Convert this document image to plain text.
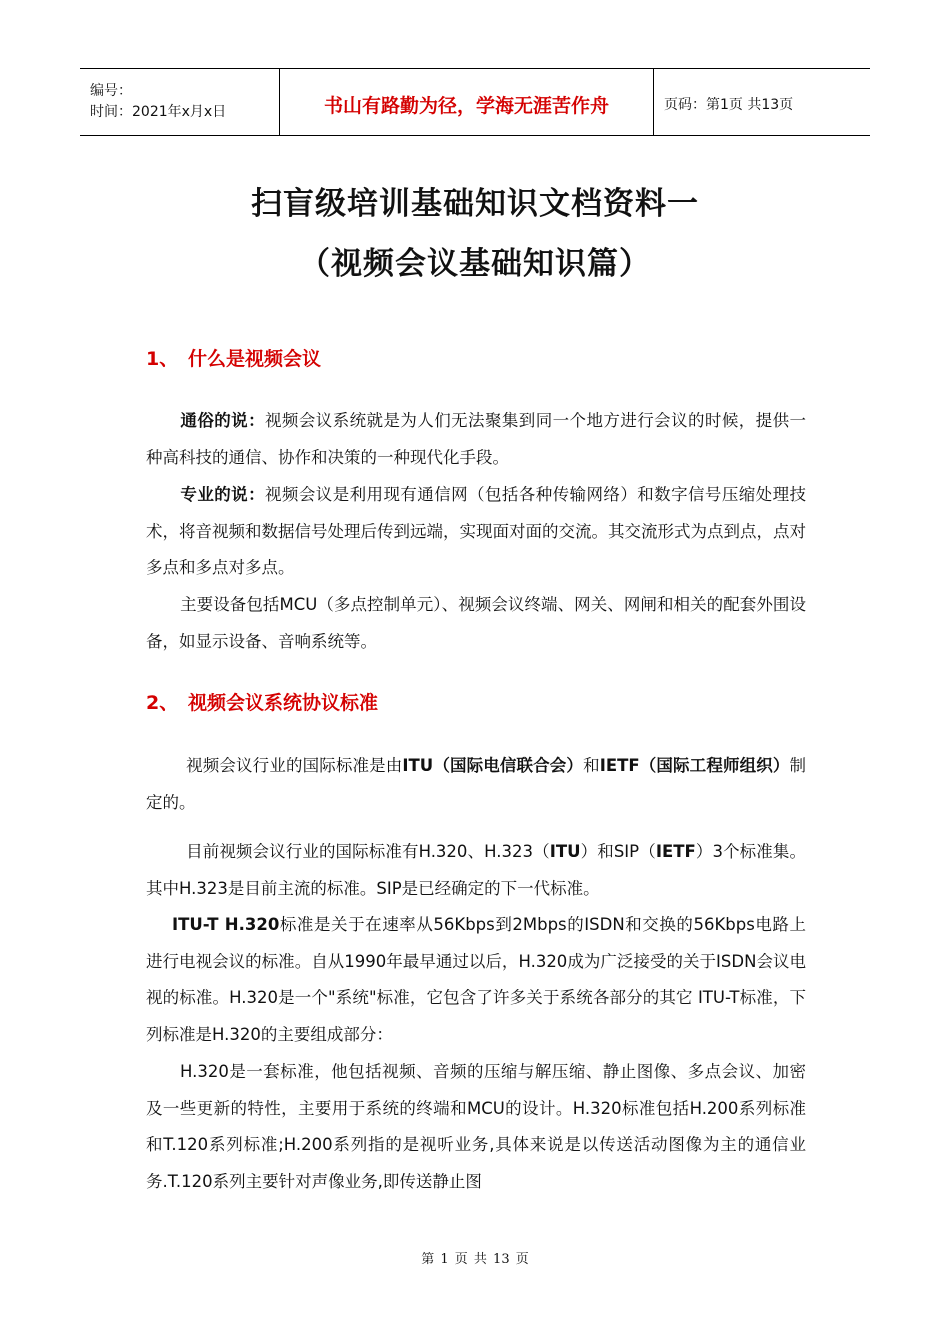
编号：
时间：2021年x月x日	书山有路勤为径，学海无涯苦作舟	页码：第1页 共13页
扫盲级培训基础知识文档资料一
（视频会议基础知识篇）
1、 什么是视频会议
通俗的说：视频会议系统就是为人们无法聚集到同一个地方进行会议的时候，提供一种高科技的通信、协作和决策的一种现代化手段。
专业的说：视频会议是利用现有通信网（包括各种传输网络）和数字信号压缩处理技术，将音视频和数据信号处理后传到远端，实现面对面的交流。其交流形式为点到点，点对多点和多点对多点。
主要设备包括MCU（多点控制单元）、视频会议终端、网关、网闸和相关的配套外围设备，如显示设备、音响系统等。
2、 视频会议系统协议标准
视频会议行业的国际标准是由ITU（国际电信联合会）和IETF（国际工程师组织）制定的。
目前视频会议行业的国际标准有H.320、H.323（ITU）和SIP（IETF）3个标准集。其中H.323是目前主流的标准。SIP是已经确定的下一代标准。
ITU-T H.320标准是关于在速率从56Kbps到2Mbps的ISDN和交换的56Kbps电路上进行电视会议的标准。自从1990年最早通过以后，H.320成为广泛接受的关于ISDN会议电视的标准。H.320是一个"系统"标准，它包含了许多关于系统各部分的其它 ITU-T标准，下列标准是H.320的主要组成部分：
H.320是一套标准，他包括视频、音频的压缩与解压缩、静止图像、多点会议、加密及一些更新的特性，主要用于系统的终端和MCU的设计。H.320标准包括H.200系列标准和T.120系列标准;H.200系列指的是视听业务,具体来说是以传送活动图像为主的通信业务.T.120系列主要针对声像业务,即传送静止图
第 1 页 共 13 页
